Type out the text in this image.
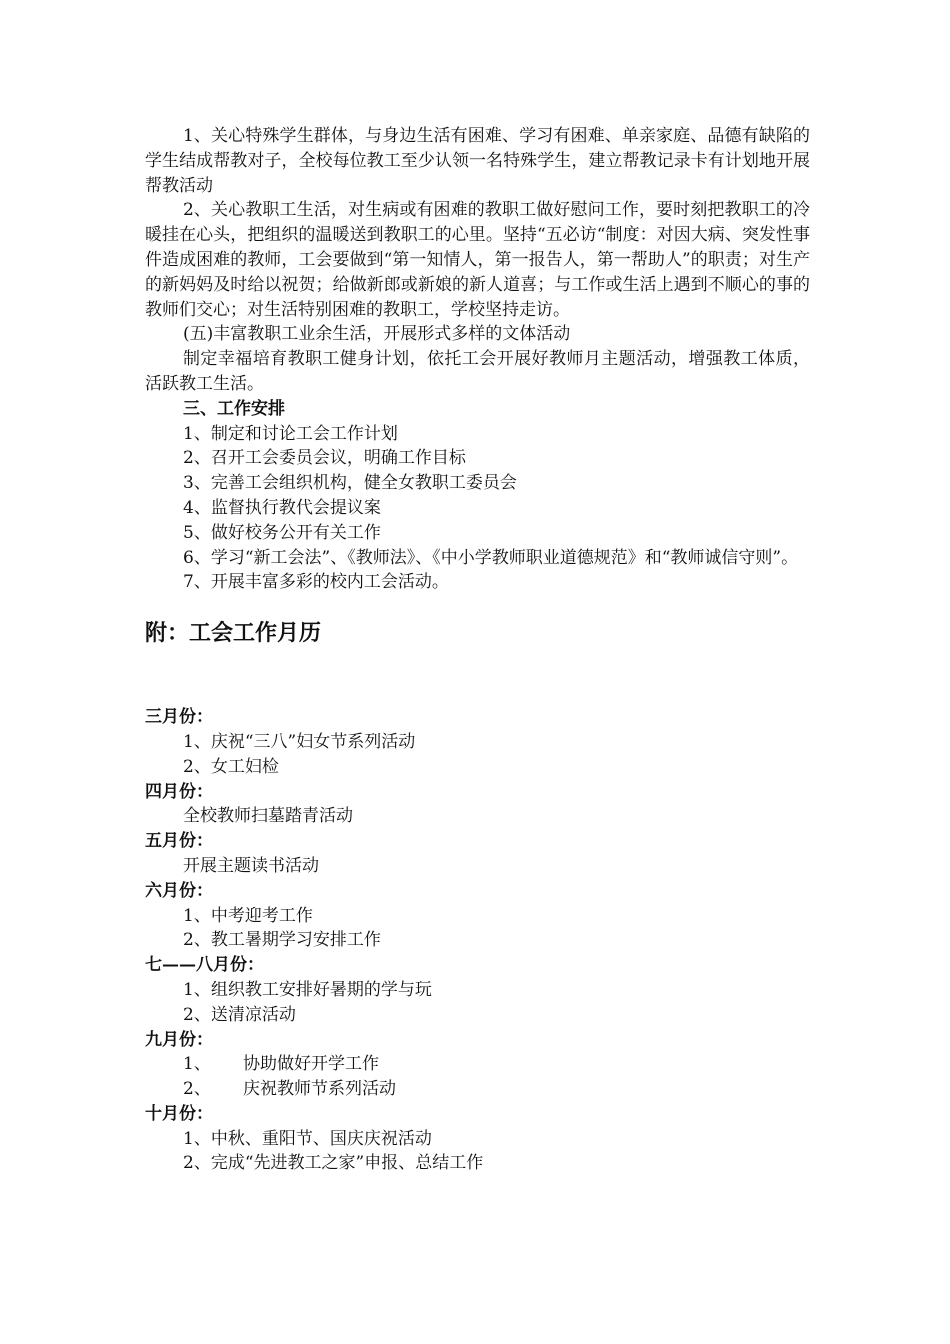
1、关心特殊学生群体，与身边生活有困难、学习有困难、单亲家庭、品德有缺陷的学生结成帮教对子，全校每位教工至少认领一名特殊学生，建立帮教记录卡有计划地开展帮教活动

2、关心教职工生活，对生病或有困难的教职工做好慰问工作，要时刻把教职工的冷暖挂在心头，把组织的温暖送到教职工的心里。坚持“五必访“制度：对因大病、突发性事件造成困难的教师，工会要做到“第一知情人，第一报告人，第一帮助人”的职责；对生产的新妈妈及时给以祝贺；给做新郎或新娘的新人道喜；与工作或生活上遇到不顺心的事的教师们交心；对生活特别困难的教职工，学校坚持走访。

(五)丰富教职工业余生活，开展形式多样的文体活动

制定幸福培育教职工健身计划，依托工会开展好教师月主题活动，增强教工体质，活跃教工生活。

三、工作安排

1、制定和讨论工会工作计划

2、召开工会委员会议，明确工作目标

3、完善工会组织机构，健全女教职工委员会

4、监督执行教代会提议案

5、做好校务公开有关工作

6、学习“新工会法”、《教师法》、《中小学教师职业道德规范》和“教师诚信守则”。

7、开展丰富多彩的校内工会活动。

附：工会工作月历

三月份：

1、庆祝“三八”妇女节系列活动

2、女工妇检

四月份：

全校教师扫墓踏青活动

五月份：

开展主题读书活动

六月份：

1、中考迎考工作

2、教工暑期学习安排工作

七——八月份：

1、组织教工安排好暑期的学与玩

2、送清凉活动

九月份：

1、 协助做好开学工作

2、 庆祝教师节系列活动

十月份：

1、中秋、重阳节、国庆庆祝活动

2、完成“先进教工之家”申报、总结工作
